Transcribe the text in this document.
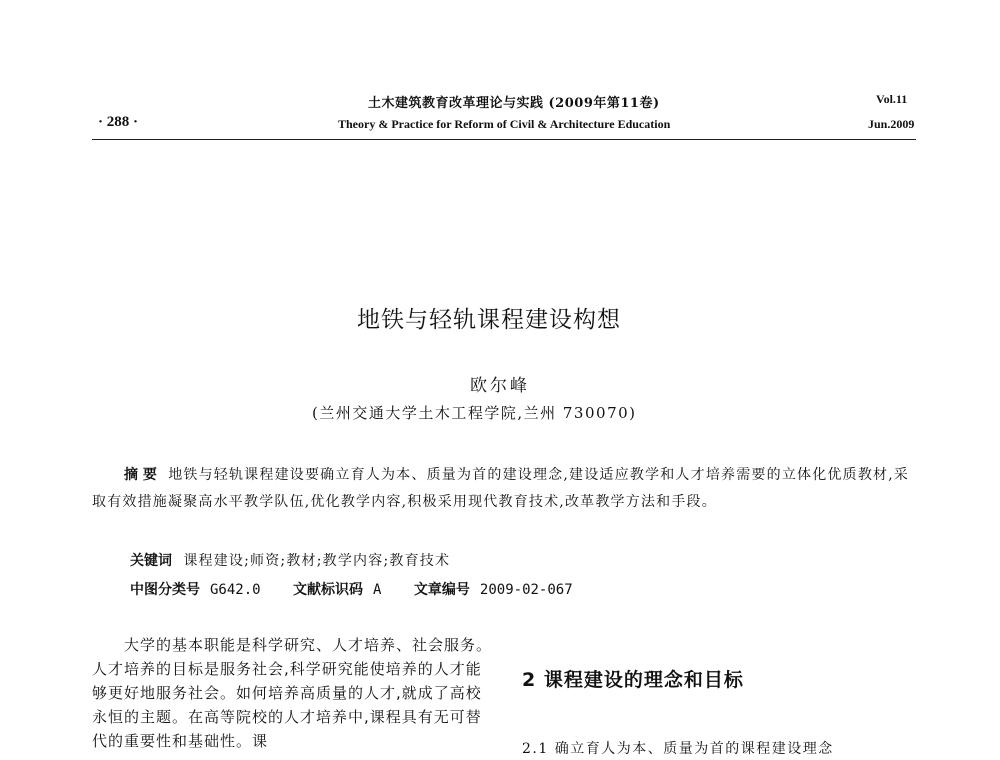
土木建筑教育改革理论与实践 (2009年第11卷)
Theory & Practice for Reform of Civil & Architecture Education
· 288 ·
Vol.11
Jun.2009
地铁与轻轨课程建设构想
欧尔峰
(兰州交通大学土木工程学院,兰州 730070)

摘 要 地铁与轻轨课程建设要确立育人为本、质量为首的建设理念,建设适应教学和人才培养需要的立体化优质教材,采取有效措施凝聚高水平教学队伍,优化教学内容,积极采用现代教育技术,改革教学方法和手段。

关键词 课程建设;师资;教材;教学内容;教育技术
中图分类号 G642.0 文献标识码 A 文章编号 2009-02-067

大学的基本职能是科学研究、人才培养、社会服务。人才培养的目标是服务社会,科学研究能使培养的人才能够更好地服务社会。如何培养高质量的人才,就成了高校永恒的主题。在高等院校的人才培养中,课程具有无可替代的重要性和基础性。课

2 课程建设的理念和目标
2.1 确立育人为本、质量为首的课程建设理念
